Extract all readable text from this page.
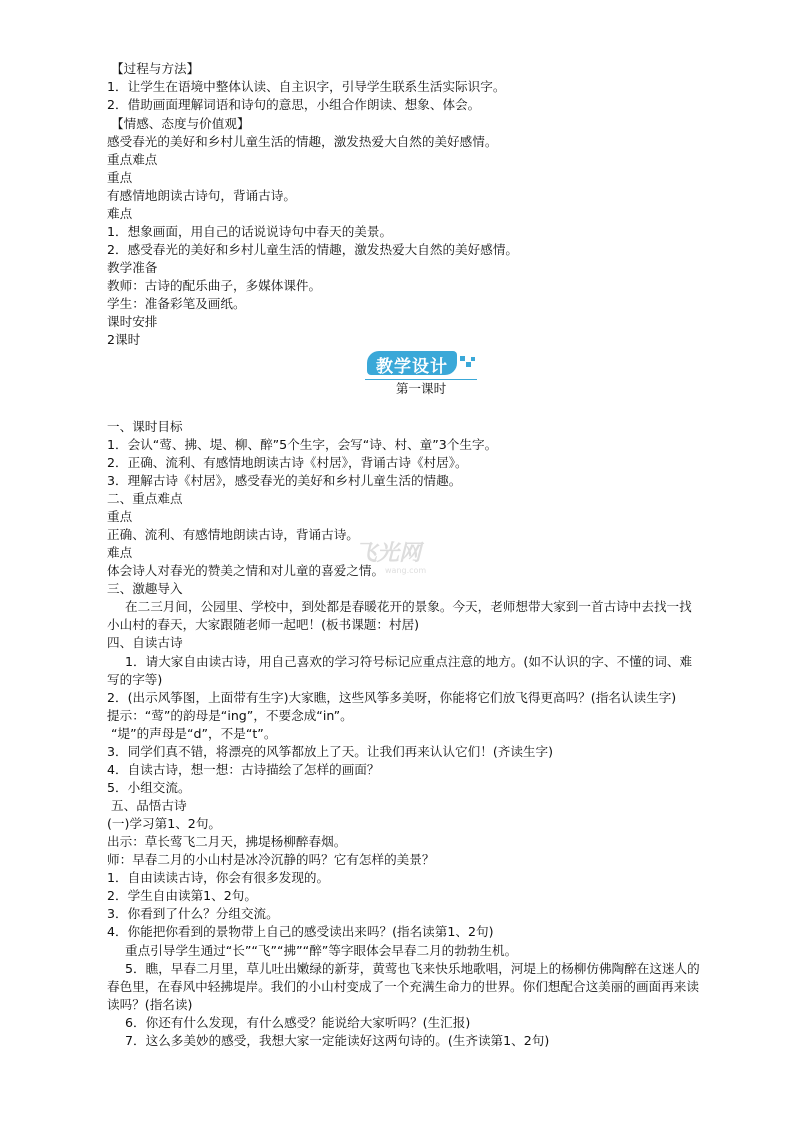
【过程与方法】
1．让学生在语境中整体认读、自主识字，引导学生联系生活实际识字。
2．借助画面理解词语和诗句的意思，小组合作朗读、想象、体会。
【情感、态度与价值观】
感受春光的美好和乡村儿童生活的情趣，激发热爱大自然的美好感情。
重点难点
重点
有感情地朗读古诗句，背诵古诗。
难点
1．想象画面，用自己的话说说诗句中春天的美景。
2．感受春光的美好和乡村儿童生活的情趣，激发热爱大自然的美好感情。
教学准备
教师：古诗的配乐曲子，多媒体课件。
学生：准备彩笔及画纸。
课时安排
2课时
教学设计
第一课时
一、课时目标
1．会认“莺、拂、堤、柳、醉”5个生字，会写“诗、村、童”3个生字。
2．正确、流利、有感情地朗读古诗《村居》，背诵古诗《村居》。
3．理解古诗《村居》，感受春光的美好和乡村儿童生活的情趣。
二、重点难点
重点
正确、流利、有感情地朗读古诗，背诵古诗。
难点
体会诗人对春光的赞美之情和对儿童的喜爱之情。
飞光网
wang.com
三、激趣导入
在二三月间，公园里、学校中，到处都是春暖花开的景象。今天，老师想带大家到一首古诗中去找一找
小山村的春天，大家跟随老师一起吧！(板书课题：村居)
四、自读古诗
1．请大家自由读古诗，用自己喜欢的学习符号标记应重点注意的地方。(如不认识的字、不懂的词、难
写的字等)
2．(出示风筝图，上面带有生字)大家瞧，这些风筝多美呀，你能将它们放飞得更高吗？(指名认读生字)
提示：“莺”的韵母是“ing”，不要念成“in”。
“堤”的声母是“d”，不是“t”。
3．同学们真不错，将漂亮的风筝都放上了天。让我们再来认认它们！(齐读生字)
4．自读古诗，想一想：古诗描绘了怎样的画面？
5．小组交流。
五、品悟古诗
(一)学习第1、2句。
出示：草长莺飞二月天，拂堤杨柳醉春烟。
师：早春二月的小山村是冰冷沉静的吗？它有怎样的美景？
1．自由读读古诗，你会有很多发现的。
2．学生自由读第1、2句。
3．你看到了什么？分组交流。
4．你能把你看到的景物带上自己的感受读出来吗？(指名读第1、2句)
重点引导学生通过“长”“飞”“拂”“醉”等字眼体会早春二月的勃勃生机。
5．瞧，早春二月里，草儿吐出嫩绿的新芽，黄莺也飞来快乐地歌唱，河堤上的杨柳仿佛陶醉在这迷人的
春色里，在春风中轻拂堤岸。我们的小山村变成了一个充满生命力的世界。你们想配合这美丽的画面再来读
读吗？(指名读)
6．你还有什么发现，有什么感受？能说给大家听吗？(生汇报)
7．这么多美妙的感受，我想大家一定能读好这两句诗的。(生齐读第1、2句)
